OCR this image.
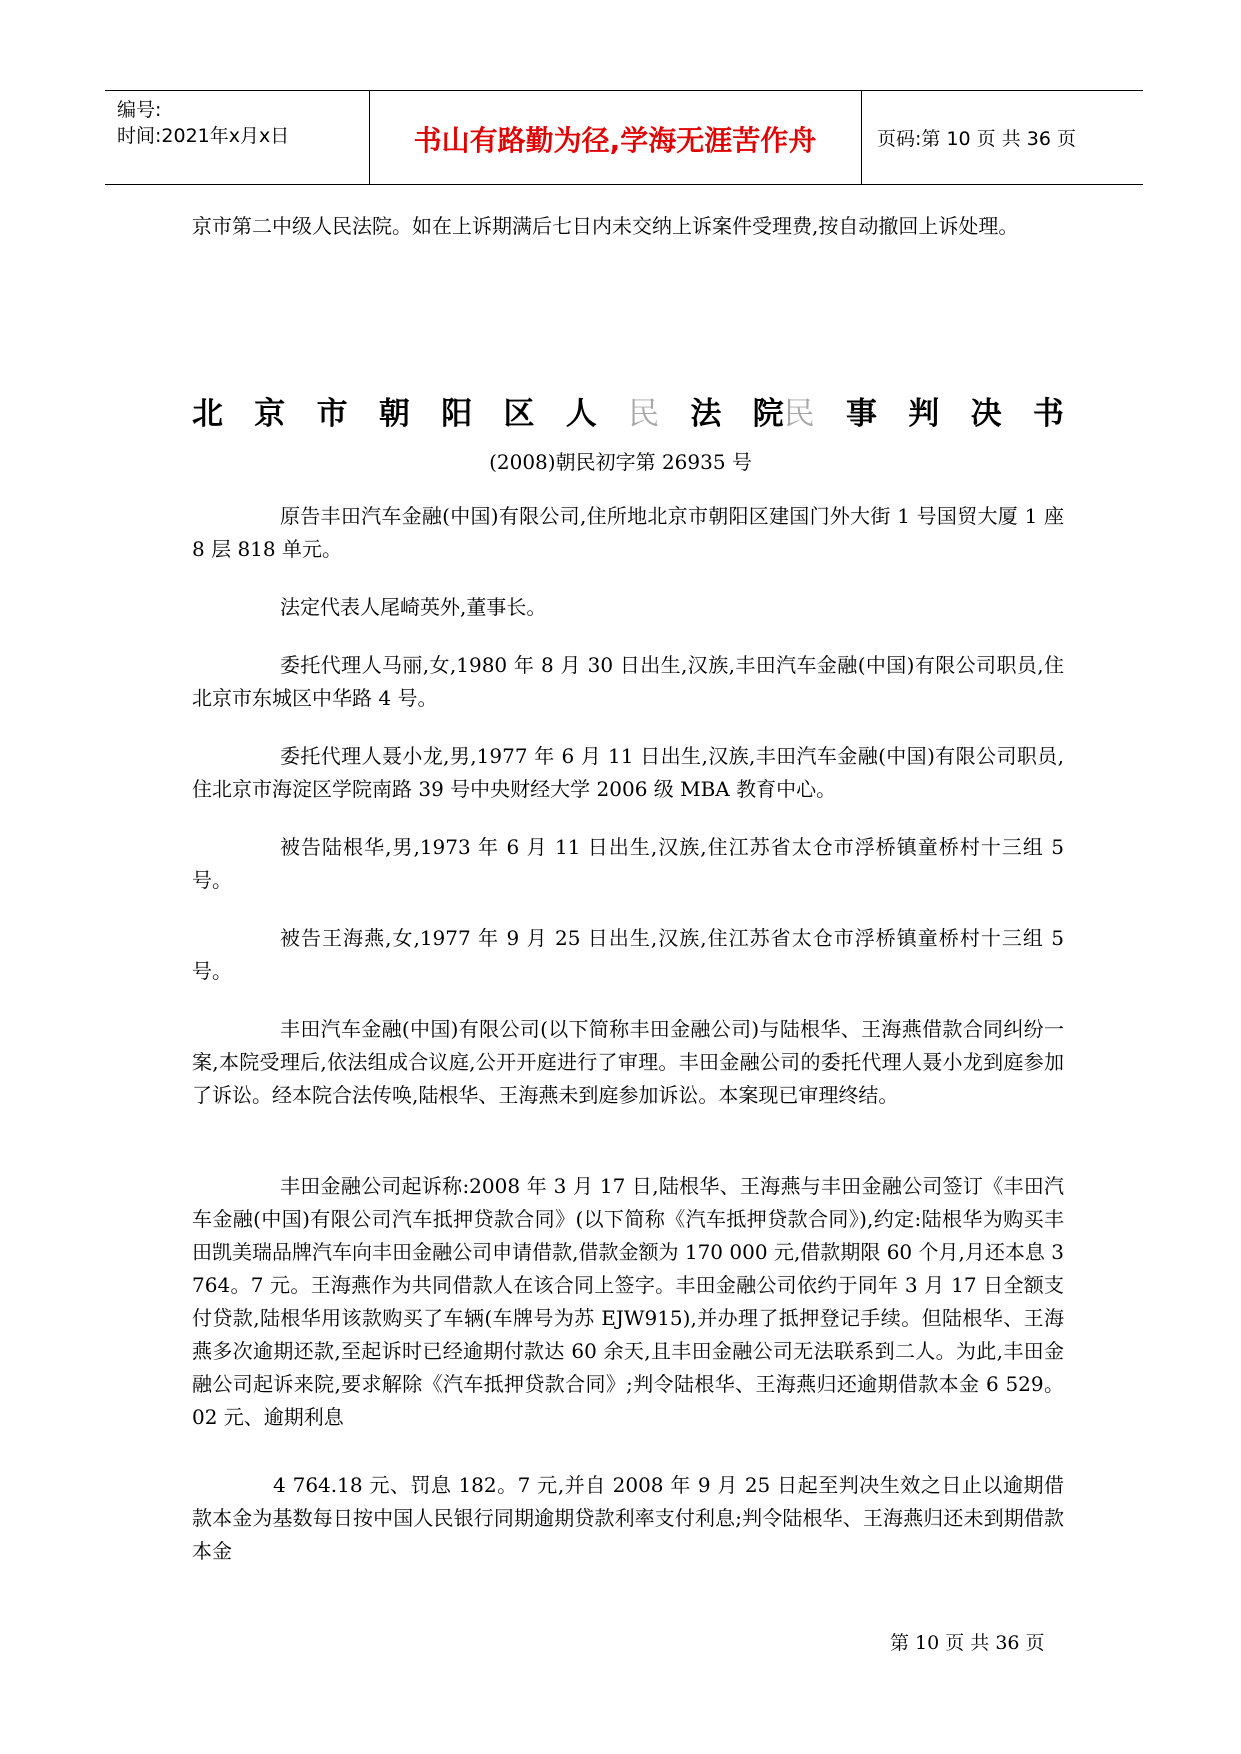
编号:
时间:2021年x月x日	书山有路勤为径,学海无涯苦作舟	页码:第 10 页 共 36 页
京市第二中级人民法院。如在上诉期满后七日内未交纳上诉案件受理费,按自动撤回上诉处理。
北 京 市 朝 阳 区 人 民 法 院民 事 判 决 书
(2008)朝民初字第 26935 号
原告丰田汽车金融(中国)有限公司,住所地北京市朝阳区建国门外大街 1 号国贸大厦 1 座 8 层 818 单元。
法定代表人尾崎英外,董事长。
委托代理人马丽,女,1980 年 8 月 30 日出生,汉族,丰田汽车金融(中国)有限公司职员,住北京市东城区中华路 4 号。
委托代理人聂小龙,男,1977 年 6 月 11 日出生,汉族,丰田汽车金融(中国)有限公司职员,住北京市海淀区学院南路 39 号中央财经大学 2006 级 MBA 教育中心。
被告陆根华,男,1973 年 6 月 11 日出生,汉族,住江苏省太仓市浮桥镇童桥村十三组 5 号。
被告王海燕,女,1977 年 9 月 25 日出生,汉族,住江苏省太仓市浮桥镇童桥村十三组 5 号。
丰田汽车金融(中国)有限公司(以下简称丰田金融公司)与陆根华、王海燕借款合同纠纷一案,本院受理后,依法组成合议庭,公开开庭进行了审理。丰田金融公司的委托代理人聂小龙到庭参加了诉讼。经本院合法传唤,陆根华、王海燕未到庭参加诉讼。本案现已审理终结。
丰田金融公司起诉称:2008 年 3 月 17 日,陆根华、王海燕与丰田金融公司签订《丰田汽车金融(中国)有限公司汽车抵押贷款合同》(以下简称《汽车抵押贷款合同》),约定:陆根华为购买丰田凯美瑞品牌汽车向丰田金融公司申请借款,借款金额为 170 000 元,借款期限 60 个月,月还本息 3 764。7 元。王海燕作为共同借款人在该合同上签字。丰田金融公司依约于同年 3 月 17 日全额支付贷款,陆根华用该款购买了车辆(车牌号为苏 EJW915),并办理了抵押登记手续。但陆根华、王海燕多次逾期还款,至起诉时已经逾期付款达 60 余天,且丰田金融公司无法联系到二人。为此,丰田金融公司起诉来院,要求解除《汽车抵押贷款合同》;判令陆根华、王海燕归还逾期借款本金 6 529。02 元、逾期利息
4 764.18 元、罚息 182。7 元,并自 2008 年 9 月 25 日起至判决生效之日止以逾期借款本金为基数每日按中国人民银行同期逾期贷款利率支付利息;判令陆根华、王海燕归还未到期借款本金
第 10 页 共 36 页
